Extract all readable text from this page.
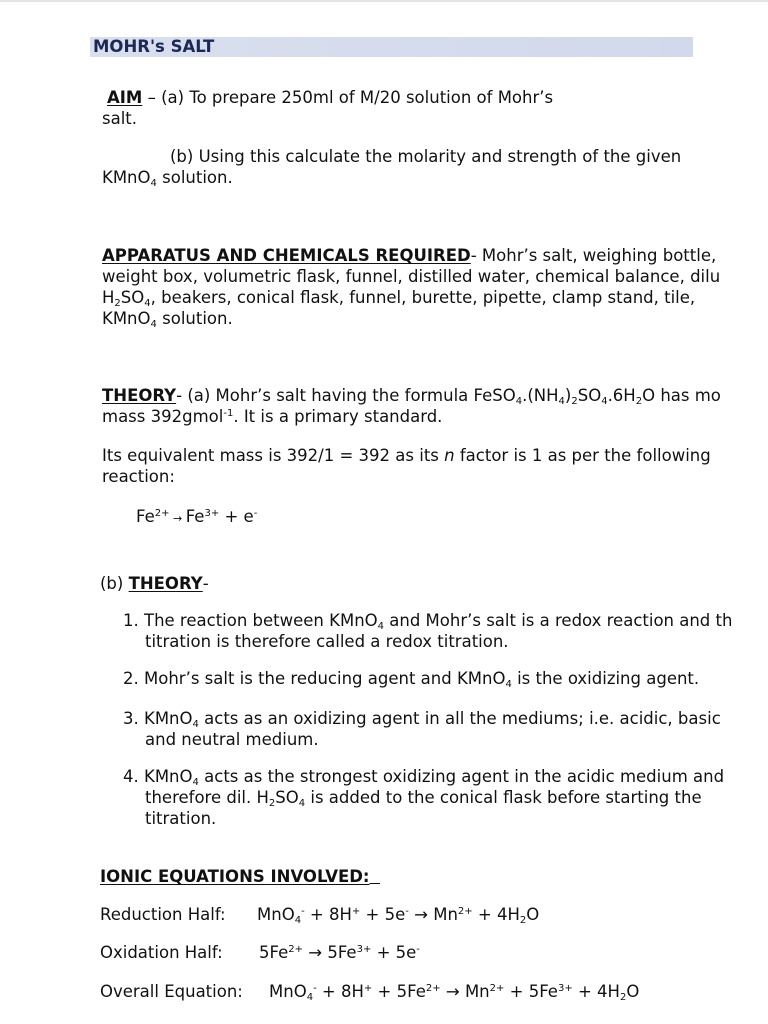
MOHR's SALT
AIM – (a) To prepare 250ml of M/20 solution of Mohr’s
salt.
(b) Using this calculate the molarity and strength of the given
KMnO$_4$ solution.
APPARATUS AND CHEMICALS REQUIRED- Mohr’s salt, weighing bottle,
weight box, volumetric flask, funnel, distilled water, chemical balance, dilu
$H_2SO_4$, beakers, conical flask, funnel, burette, pipette, clamp stand, tile,
KMnO$_4$ solution.
THEORY- (a) Mohr’s salt having the formula $FeSO_4.(NH_4)_2SO_4.6H_2O$ has mo
mass 392gmol$^{-1}$. It is a primary standard.
Its equivalent mass is 392/1 = 392 as its n factor is 1 as per the following
reaction:
$Fe^{2+} \to Fe^{3+} + e^-$
(b) THEORY-
1. The reaction between KMnO$_4$ and Mohr’s salt is a redox reaction and th
titration is therefore called a redox titration.
2. Mohr’s salt is the reducing agent and KMnO$_4$ is the oxidizing agent.
3. KMnO$_4$ acts as an oxidizing agent in all the mediums; i.e. acidic, basic
and neutral medium.
4. KMnO$_4$ acts as the strongest oxidizing agent in the acidic medium and
therefore dil. $H_2SO_4$ is added to the conical flask before starting the
titration.
IONIC EQUATIONS INVOLVED:
Reduction Half: $MnO_4^- + 8H^+ + 5e^- \to Mn^{2+} + 4H_2O$
Oxidation Half: $5Fe^{2+} \to 5Fe^{3+} + 5e^-$
Overall Equation: $MnO_4^- + 8H^+ + 5Fe^{2+} \to Mn^{2+} + 5Fe^{3+} + 4H_2O$
